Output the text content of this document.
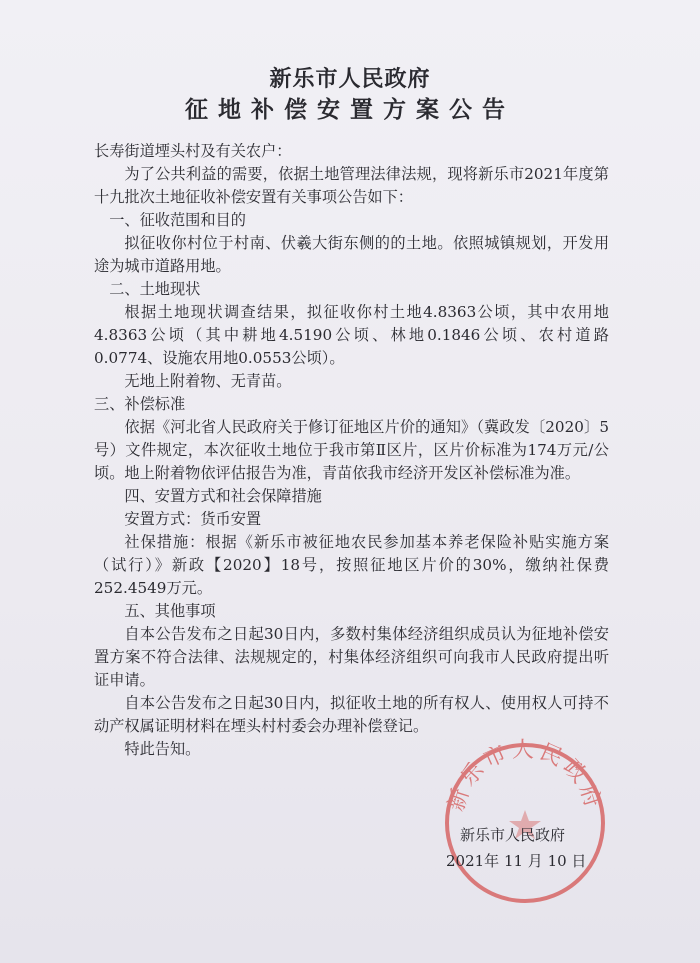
新乐市人民政府
征地补偿安置方案公告

长寿街道堙头村及有关农户：

为了公共利益的需要，依据土地管理法律法规，现将新乐市2021年度第十九批次土地征收补偿安置有关事项公告如下：

一、征收范围和目的

拟征收你村位于村南、伏羲大街东侧的的土地。依照城镇规划，开发用途为城市道路用地。

二、土地现状

根据土地现状调查结果，拟征收你村土地4.8363公顷，其中农用地4.8363公顷（其中耕地4.5190公顷、林地0.1846公顷、农村道路0.0774、设施农用地0.0553公顷）。

无地上附着物、无青苗。

三、补偿标准

依据《河北省人民政府关于修订征地区片价的通知》（冀政发〔2020〕5号）文件规定，本次征收土地位于我市第Ⅱ区片，区片价标准为174万元/公顷。地上附着物依评估报告为准，青苗依我市经济开发区补偿标准为准。

四、安置方式和社会保障措施

安置方式：货币安置

社保措施：根据《新乐市被征地农民参加基本养老保险补贴实施方案（试行）》新政【2020】18号，按照征地区片价的30%，缴纳社保费252.4549万元。

五、其他事项

自本公告发布之日起30日内，多数村集体经济组织成员认为征地补偿安置方案不符合法律、法规规定的，村集体经济组织可向我市人民政府提出听证申请。

自本公告发布之日起30日内，拟征收土地的所有权人、使用权人可持不动产权属证明材料在堙头村村委会办理补偿登记。

特此告知。

新乐市人民政府
新乐市人民政府
2021年 11 月 10 日
